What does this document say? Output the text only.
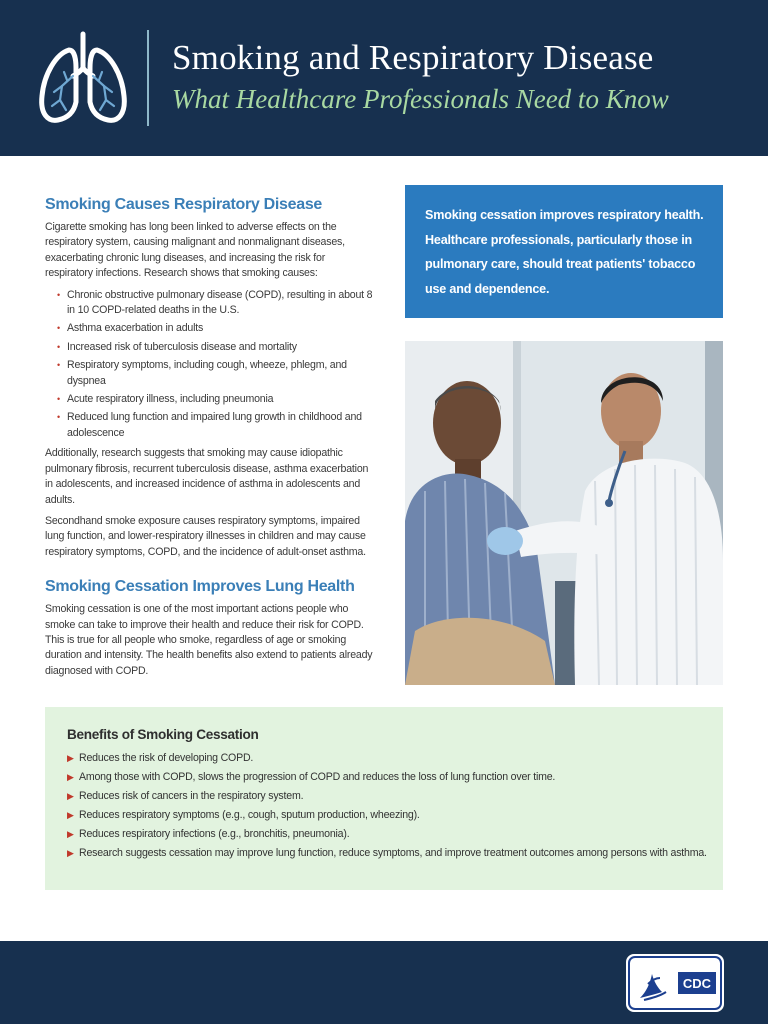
Smoking and Respiratory Disease
What Healthcare Professionals Need to Know
Smoking Causes Respiratory Disease

Cigarette smoking has long been linked to adverse effects on the respiratory system, causing malignant and nonmalignant diseases, exacerbating chronic lung diseases, and increasing the risk for respiratory infections. Research shows that smoking causes:

• Chronic obstructive pulmonary disease (COPD), resulting in about 8 in 10 COPD-related deaths in the U.S.
• Asthma exacerbation in adults
• Increased risk of tuberculosis disease and mortality
• Respiratory symptoms, including cough, wheeze, phlegm, and dyspnea
• Acute respiratory illness, including pneumonia
• Reduced lung function and impaired lung growth in childhood and adolescence

Additionally, research suggests that smoking may cause idiopathic pulmonary fibrosis, recurrent tuberculosis disease, asthma exacerbation in adolescents, and increased incidence of asthma in adolescents and adults.

Secondhand smoke exposure causes respiratory symptoms, impaired lung function, and lower-respiratory illnesses in children and may cause respiratory symptoms, COPD, and the incidence of adult-onset asthma.

Smoking Cessation Improves Lung Health

Smoking cessation is one of the most important actions people who smoke can take to improve their health and reduce their risk for COPD. This is true for all people who smoke, regardless of age or smoking duration and intensity. The health benefits also extend to patients already diagnosed with COPD.

Smoking cessation improves respiratory health. Healthcare professionals, particularly those in pulmonary care, should treat patients' tobacco use and dependence.

Benefits of Smoking Cessation
▶ Reduces the risk of developing COPD.
▶ Among those with COPD, slows the progression of COPD and reduces the loss of lung function over time.
▶ Reduces risk of cancers in the respiratory system.
▶ Reduces respiratory symptoms (e.g., cough, sputum production, wheezing).
▶ Reduces respiratory infections (e.g., bronchitis, pneumonia).
▶ Research suggests cessation may improve lung function, reduce symptoms, and improve treatment outcomes among persons with asthma.
CDC
